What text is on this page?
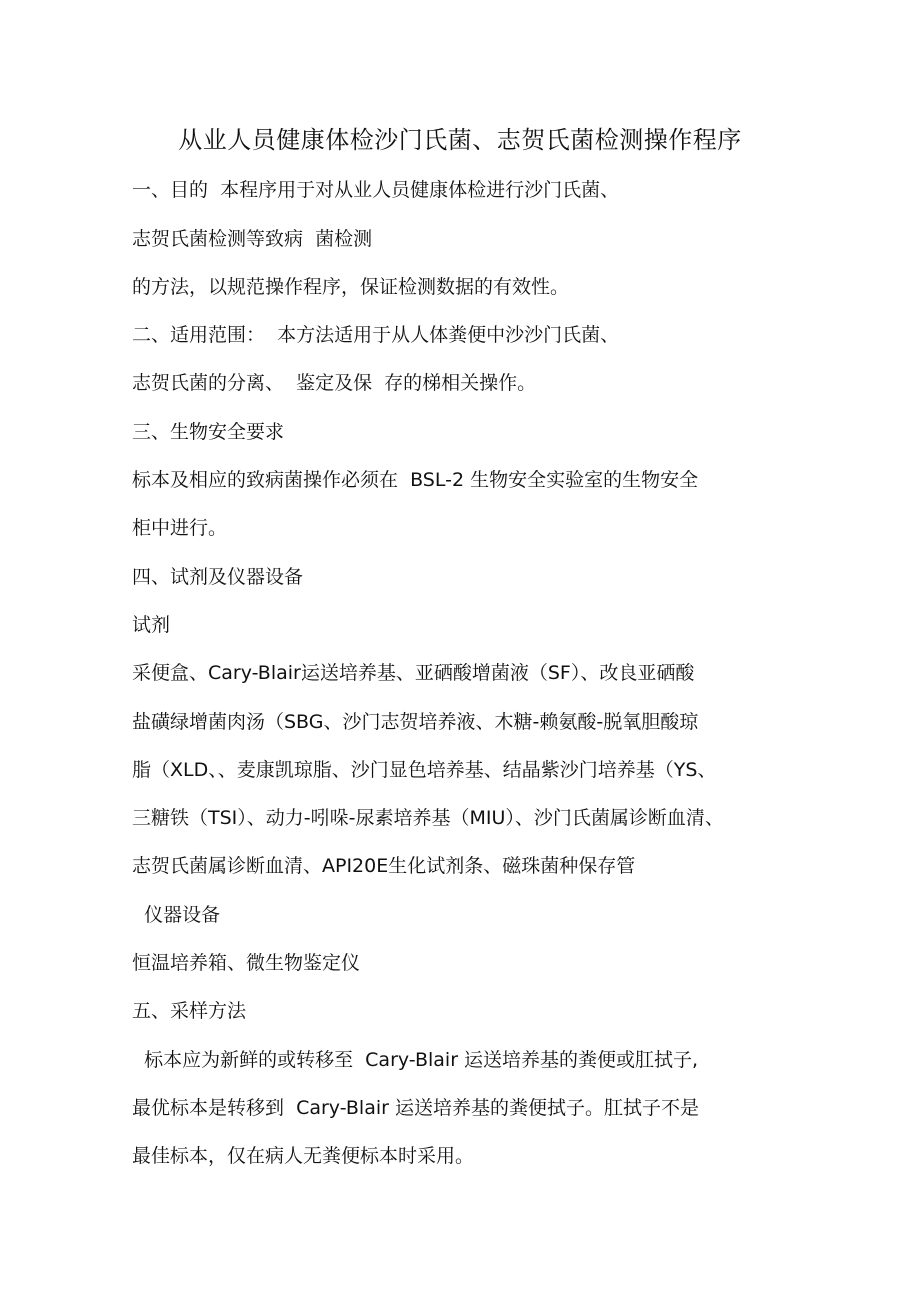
从业人员健康体检沙门氏菌、志贺氏菌检测操作程序
一、目的  本程序用于对从业人员健康体检进行沙门氏菌、
志贺氏菌检测等致病  菌检测
的方法，以规范操作程序，保证检测数据的有效性。
二、适用范围：  本方法适用于从人体粪便中沙沙门氏菌、
志贺氏菌的分离、  鉴定及保  存的梯相关操作。
三、生物安全要求
标本及相应的致病菌操作必须在  BSL-2 生物安全实验室的生物安全
柜中进行。
四、试剂及仪器设备
试剂
采便盒、Cary-Blair运送培养基、亚硒酸增菌液（SF）、改良亚硒酸
盐磺绿增菌肉汤（SBG、沙门志贺培养液、木糖-赖氨酸-脱氧胆酸琼
脂（XLD、、麦康凯琼脂、沙门显色培养基、结晶紫沙门培养基（YS、
三糖铁（TSI）、动力-吲哚-尿素培养基（MIU）、沙门氏菌属诊断血清、
志贺氏菌属诊断血清、API20E生化试剂条、磁珠菌种保存管
仪器设备
恒温培养箱、微生物鉴定仪
五、采样方法
标本应为新鲜的或转移至  Cary-Blair 运送培养基的粪便或肛拭子,
最优标本是转移到  Cary-Blair 运送培养基的粪便拭子。肛拭子不是
最佳标本，仅在病人无粪便标本时采用。
